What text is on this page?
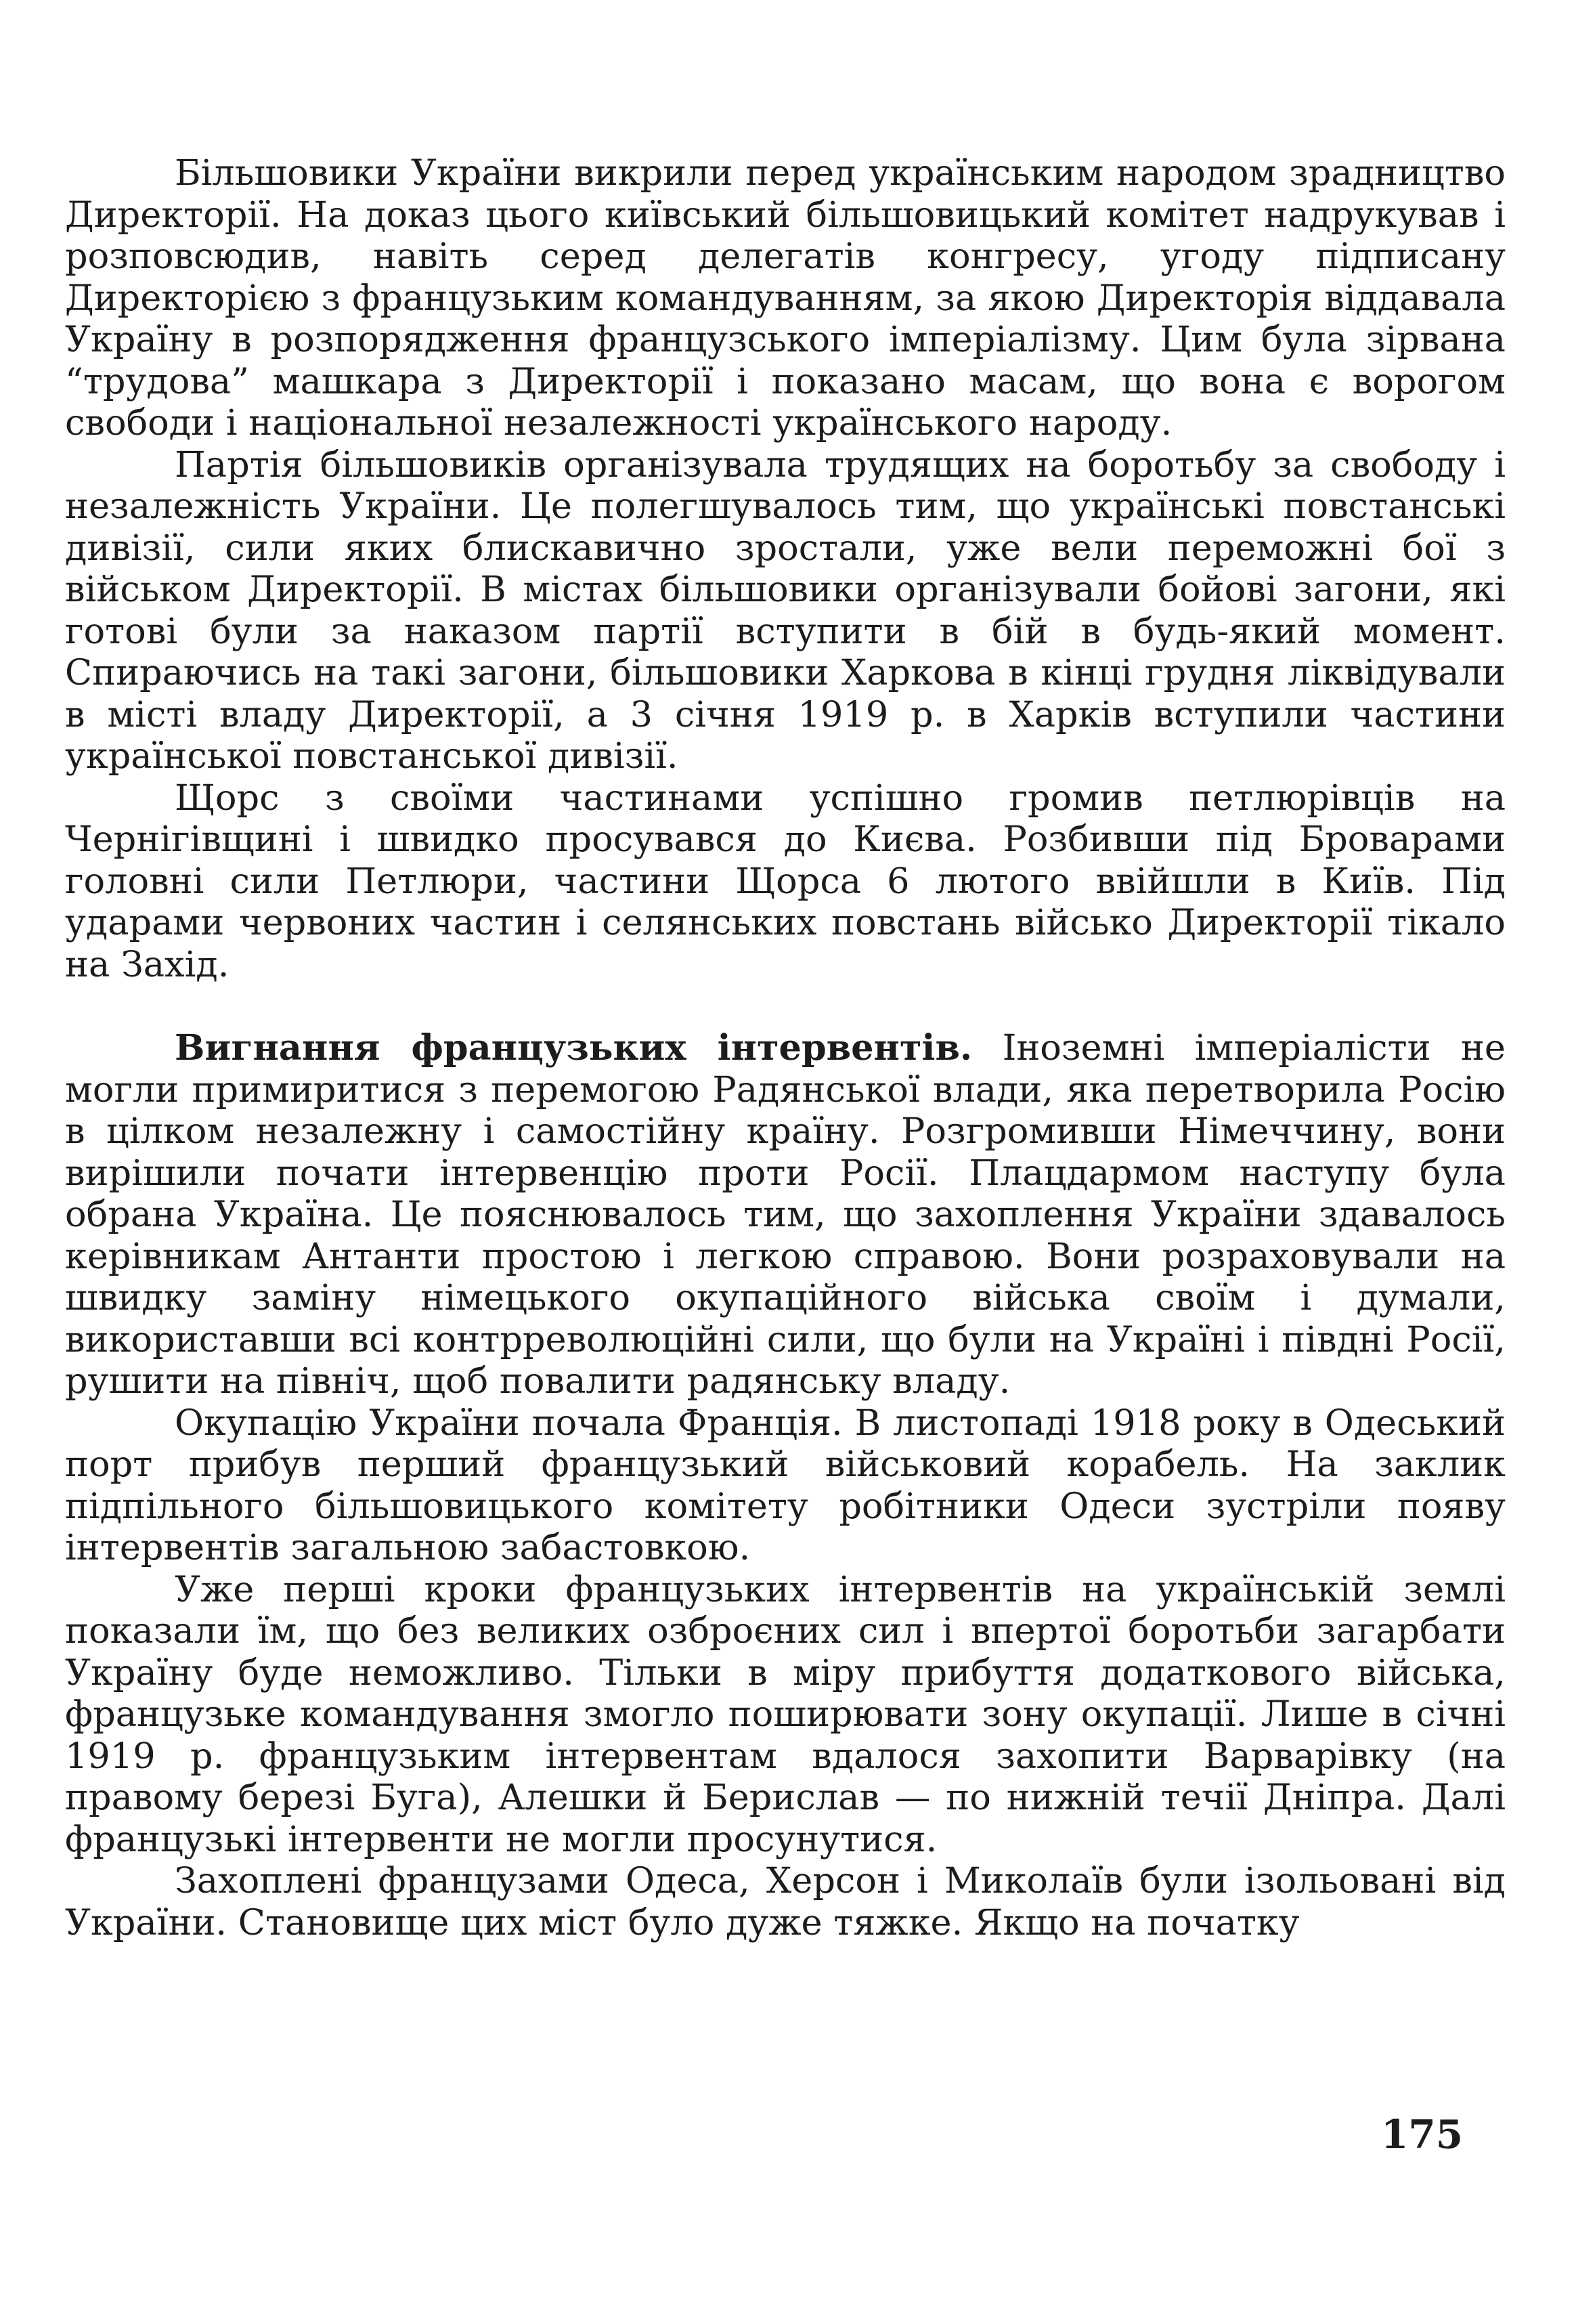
Більшовики України викрили перед українським народом зрадництво Директорії. На доказ цього київський більшовицький комітет надрукував і розповсюдив, навіть серед делегатів конгресу, угоду підписану Директорією з французьким командуванням, за якою Директорія віддавала Україну в розпорядження французського імперіалізму. Цим була зірвана “трудова” машкара з Директорії і показано масам, що вона є ворогом свободи і національної незалежності українського народу.

Партія більшовиків організувала трудящих на боротьбу за свободу і незалежність України. Це полегшувалось тим, що українські повстанські дивізії, сили яких блискавично зростали, уже вели переможні бої з військом Директорії. В містах більшовики організували бойові загони, які готові були за наказом партії вступити в бій в будь-який момент. Спираючись на такі загони, більшовики Харкова в кінці грудня ліквідували в місті владу Директорії, а 3 січня 1919 р. в Харків вступили частини української повстанської дивізії.

Щорс з своїми частинами успішно громив петлюрівців на Чернігівщині і швидко просувався до Києва. Розбивши під Броварами головні сили Петлюри, частини Щорса 6 лютого ввійшли в Київ. Під ударами червоних частин і селянських повстань військо Директорії тікало на Захід.

Вигнання французьких інтервентів. Іноземні імперіалісти не могли примиритися з перемогою Радянської влади, яка перетворила Росію в цілком незалежну і самостійну країну. Розгромивши Німеччину, вони вирішили почати інтервенцію проти Росії. Плацдармом наступу була обрана Україна. Це пояснювалось тим, що захоплення України здавалось керівникам Антанти простою і легкою справою. Вони розраховували на швидку заміну німецького окупаційного війська своїм і думали, використавши всі контрреволюційні сили, що були на Україні і півдні Росії, рушити на північ, щоб повалити радянську владу.

Окупацію України почала Франція. В листопаді 1918 року в Одеський порт прибув перший французький військовий корабель. На заклик підпільного більшовицького комітету робітники Одеси зустріли появу інтервентів загальною забастовкою.

Уже перші кроки французьких інтервентів на українській землі показали їм, що без великих озброєних сил і впертої боротьби загарбати Україну буде неможливо. Тільки в міру прибуття додаткового війська, французьке командування змогло поширювати зону окупації. Лише в січні 1919 р. французьким інтервентам вдалося захопити Варварівку (на правому березі Буга), Алешки й Берислав — по нижній течії Дніпра. Далі французькі інтервенти не могли просунутися.

Захоплені французами Одеса, Херсон і Миколаїв були ізольовані від України. Становище цих міст було дуже тяжке. Якщо на початку

175
